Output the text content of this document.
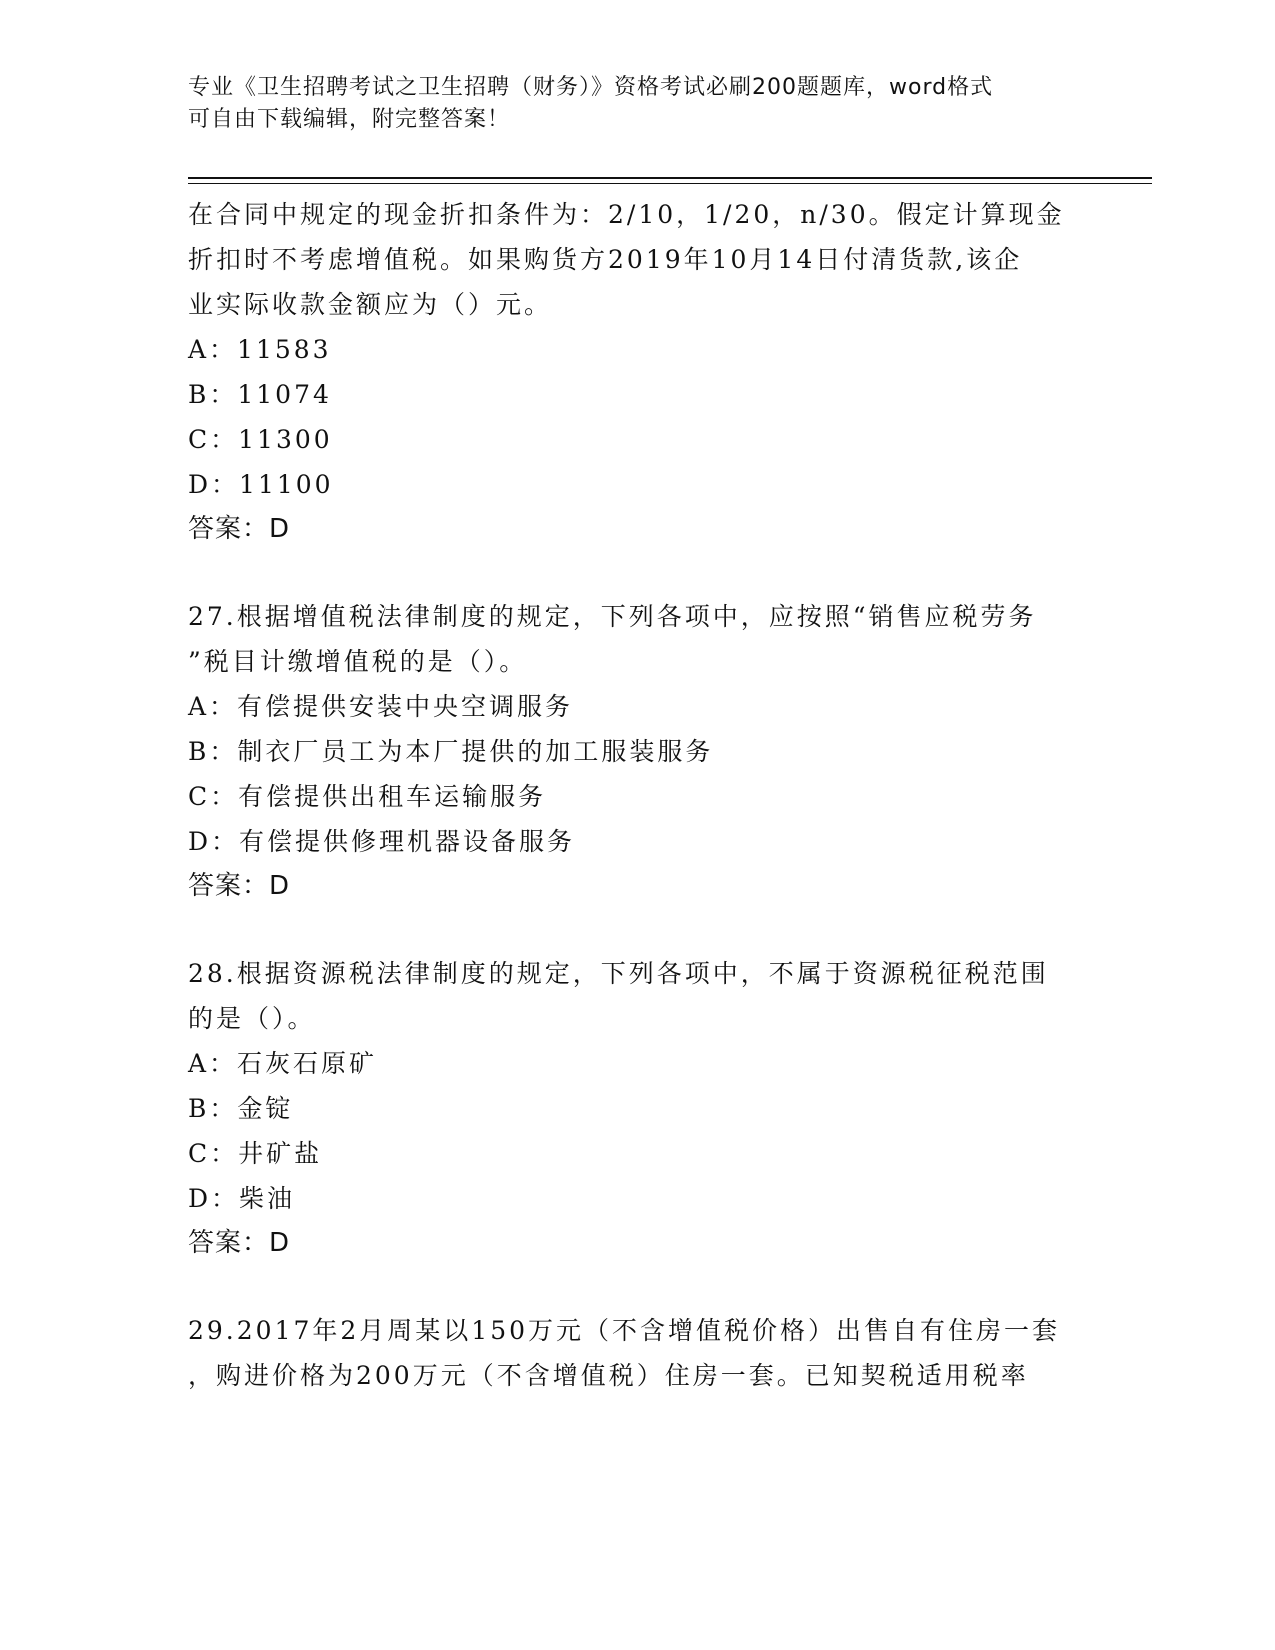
专业《卫生招聘考试之卫生招聘（财务）》资格考试必刷200题题库，word格式
可自由下载编辑，附完整答案！
在合同中规定的现金折扣条件为：2/10，1/20，n/30。假定计算现金
折扣时不考虑增值税。如果购货方2019年10月14日付清货款,该企
业实际收款金额应为（）元。
A：11583
B：11074
C：11300
D：11100
答案：D
27.根据增值税法律制度的规定，下列各项中，应按照“销售应税劳务
”税目计缴增值税的是（）。
A：有偿提供安装中央空调服务
B：制衣厂员工为本厂提供的加工服装服务
C：有偿提供出租车运输服务
D：有偿提供修理机器设备服务
答案：D
28.根据资源税法律制度的规定，下列各项中，不属于资源税征税范围
的是（）。
A：石灰石原矿
B：金锭
C：井矿盐
D：柴油
答案：D
29.2017年2月周某以150万元（不含增值税价格）出售自有住房一套
，购进价格为200万元（不含增值税）住房一套。已知契税适用税率
